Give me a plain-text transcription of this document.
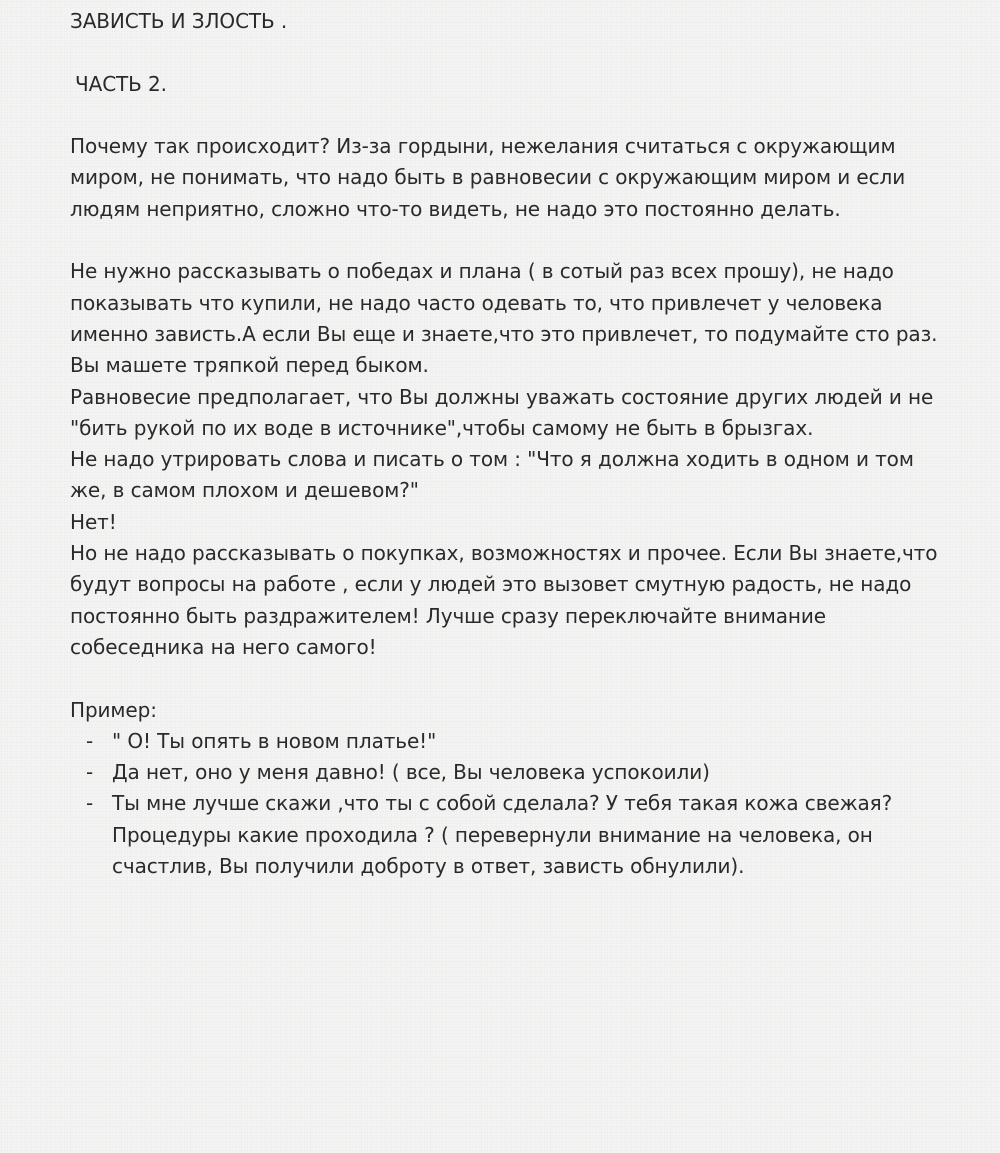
ЗАВИСТЬ И ЗЛОСТЬ .
ЧАСТЬ 2.
Почему так происходит? Из-за гордыни, нежелания считаться с окружающим
миром, не понимать, что надо быть в равновесии с окружающим миром и если
людям неприятно, сложно что-то видеть, не надо это постоянно делать.
Не нужно рассказывать о победах и плана ( в сотый раз всех прошу), не надо
показывать что купили, не надо часто одевать то, что привлечет у человека
именно зависть.А если Вы еще и знаете,что это привлечет, то подумайте сто раз.
Вы машете тряпкой перед быком.
Равновесие предполагает, что Вы должны уважать состояние других людей и не
"бить рукой по их воде в источнике",чтобы самому не быть в брызгах.
Не надо утрировать слова и писать о том : "Что я должна ходить в одном и том
же, в самом плохом и дешевом?"
Нет!
Но не надо рассказывать о покупках, возможностях и прочее. Если Вы знаете,что
будут вопросы на работе , если у людей это вызовет смутную радость, не надо
постоянно быть раздражителем! Лучше сразу переключайте внимание
собеседника на него самого!
Пример:
- " О! Ты опять в новом платье!"
- Да нет, оно у меня давно! ( все, Вы человека успокоили)
- Ты мне лучше скажи ,что ты с собой сделала? У тебя такая кожа свежая?
Процедуры какие проходила ? ( перевернули внимание на человека, он
счастлив, Вы получили доброту в ответ, зависть обнулили).
